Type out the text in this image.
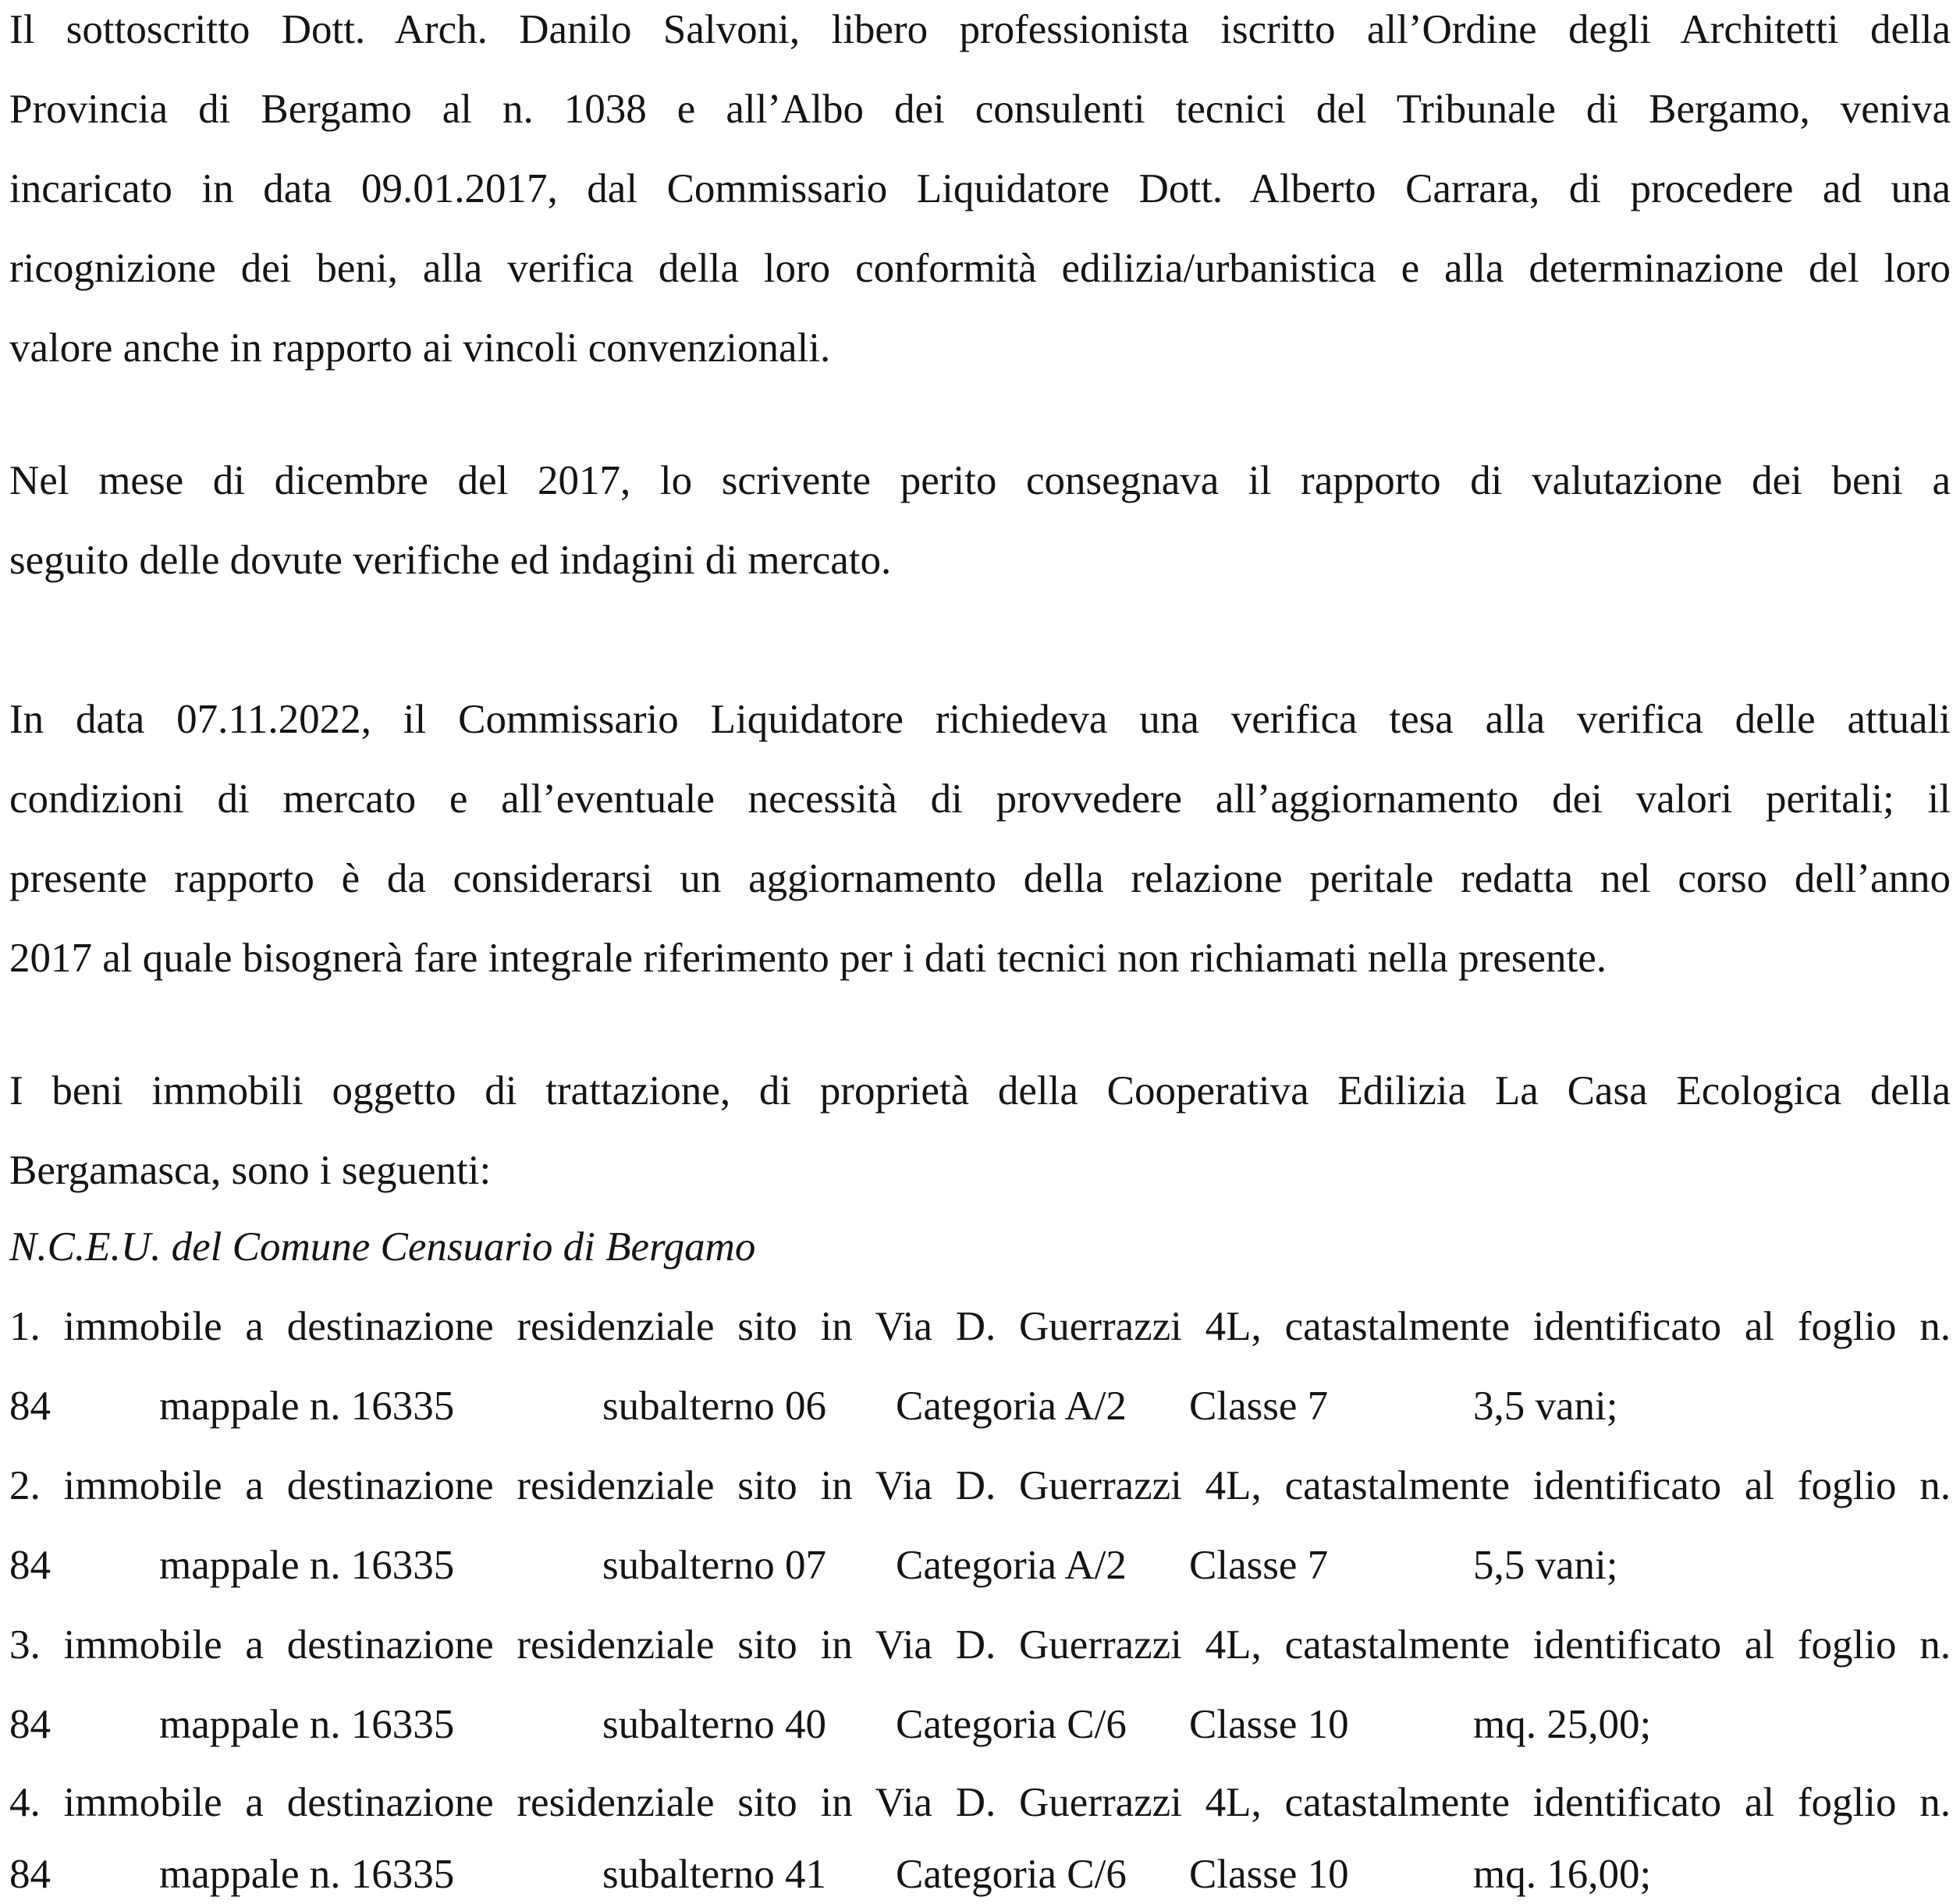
Il sottoscritto Dott. Arch. Danilo Salvoni, libero professionista iscritto all’Ordine degli Architetti della
Provincia di Bergamo al n. 1038 e all’Albo dei consulenti tecnici del Tribunale di Bergamo, veniva
incaricato in data 09.01.2017, dal Commissario Liquidatore Dott. Alberto Carrara, di procedere ad una
ricognizione dei beni, alla verifica della loro conformità edilizia/urbanistica e alla determinazione del loro
valore anche in rapporto ai vincoli convenzionali.
Nel mese di dicembre del 2017, lo scrivente perito consegnava il rapporto di valutazione dei beni a
seguito delle dovute verifiche ed indagini di mercato.
In data 07.11.2022, il Commissario Liquidatore richiedeva una verifica tesa alla verifica delle attuali
condizioni di mercato e all’eventuale necessità di provvedere all’aggiornamento dei valori peritali; il
presente rapporto è da considerarsi un aggiornamento della relazione peritale redatta nel corso dell’anno
2017 al quale bisognerà fare integrale riferimento per i dati tecnici non richiamati nella presente.
I beni immobili oggetto di trattazione, di proprietà della Cooperativa Edilizia La Casa Ecologica della
Bergamasca, sono i seguenti:
N.C.E.U. del Comune Censuario di Bergamo
1. immobile a destinazione residenziale sito in Via D. Guerrazzi 4L, catastalmente identificato al foglio n.
84	mappale n. 16335	subalterno 06 Categoria A/2 Classe 7	3,5 vani;
2. immobile a destinazione residenziale sito in Via D. Guerrazzi 4L, catastalmente identificato al foglio n.
84	mappale n. 16335	subalterno 07 Categoria A/2 Classe 7	5,5 vani;
3. immobile a destinazione residenziale sito in Via D. Guerrazzi 4L, catastalmente identificato al foglio n.
84	mappale n. 16335	subalterno 40 Categoria C/6 Classe 10	mq. 25,00;
4. immobile a destinazione residenziale sito in Via D. Guerrazzi 4L, catastalmente identificato al foglio n.
84	mappale n. 16335	subalterno 41 Categoria C/6 Classe 10	mq. 16,00;
